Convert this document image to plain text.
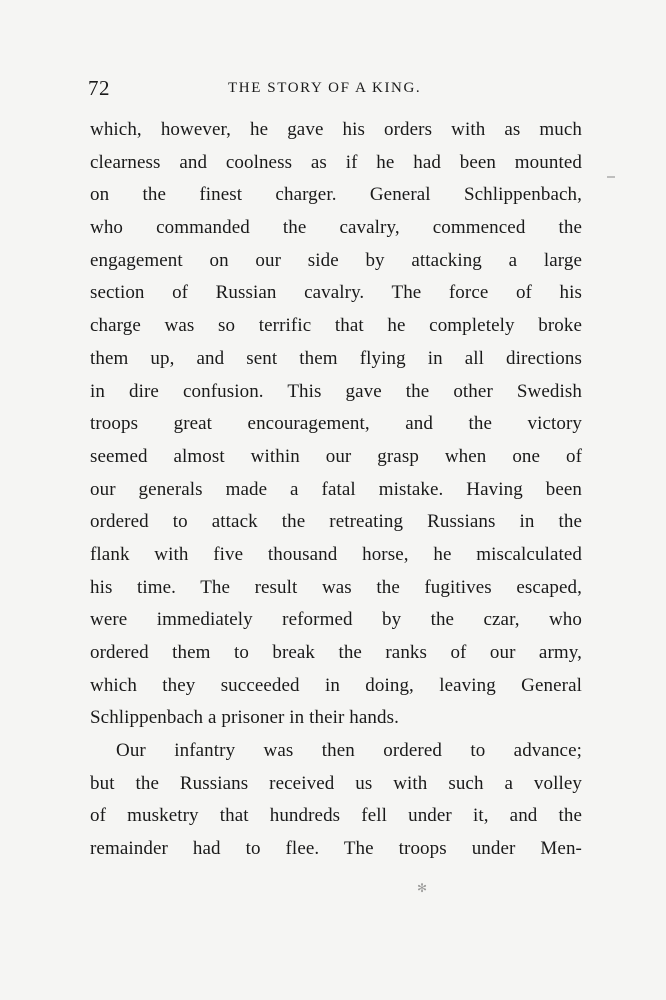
72	THE STORY OF A KING.
which, however, he gave his orders with as much
clearness and coolness as if he had been mounted
on the finest charger. General Schlippenbach,
who commanded the cavalry, commenced the
engagement on our side by attacking a large
section of Russian cavalry. The force of his
charge was so terrific that he completely broke
them up, and sent them flying in all directions
in dire confusion. This gave the other Swedish
troops great encouragement, and the victory
seemed almost within our grasp when one of
our generals made a fatal mistake. Having been
ordered to attack the retreating Russians in the
flank with five thousand horse, he miscalculated
his time. The result was the fugitives escaped,
were immediately reformed by the czar, who
ordered them to break the ranks of our army,
which they succeeded in doing, leaving General
Schlippenbach a prisoner in their hands.
Our infantry was then ordered to advance;
but the Russians received us with such a volley
of musketry that hundreds fell under it, and the
remainder had to flee. The troops under Men-
✻
